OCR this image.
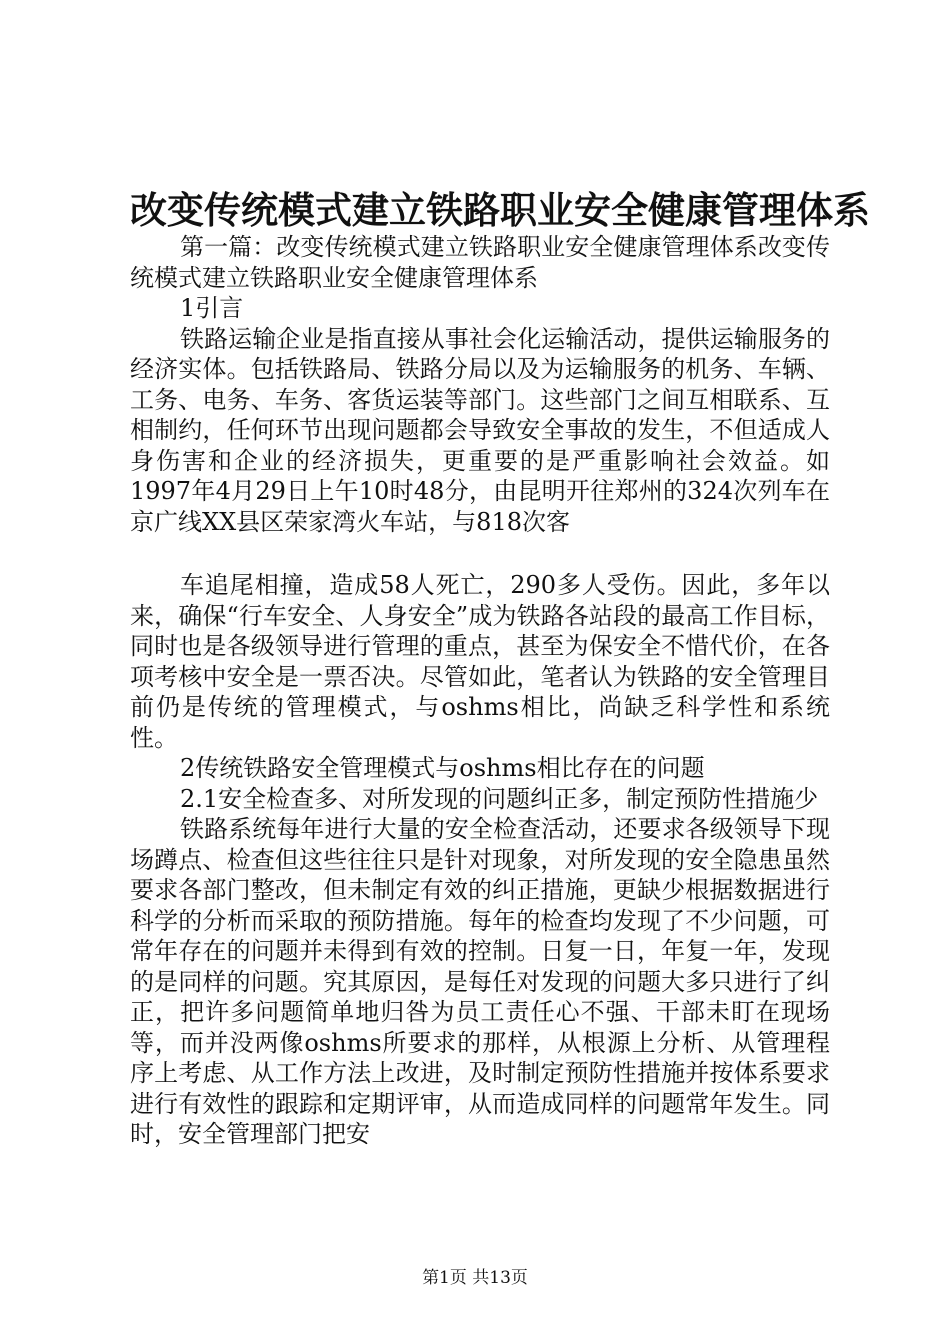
改变传统模式建立铁路职业安全健康管理体系

第一篇：改变传统模式建立铁路职业安全健康管理体系改变传统模式建立铁路职业安全健康管理体系

1引言

铁路运输企业是指直接从事社会化运输活动，提供运输服务的经济实体。包括铁路局、铁路分局以及为运输服务的机务、车辆、工务、电务、车务、客货运装等部门。这些部门之间互相联系、互相制约，任何环节出现问题都会导致安全事故的发生，不但适成人身伤害和企业的经济损失，更重要的是严重影响社会效益。如1997年4月29日上午10时48分，由昆明开往郑州的324次列车在京广线XX县区荣家湾火车站，与818次客

车追尾相撞，造成58人死亡，290多人受伤。因此，多年以来，确保“行车安全、人身安全”成为铁路各站段的最高工作目标，同时也是各级领导进行管理的重点，甚至为保安全不惜代价，在各项考核中安全是一票否决。尽管如此，笔者认为铁路的安全管理目前仍是传统的管理模式，与oshms相比，尚缺乏科学性和系统性。

2传统铁路安全管理模式与oshms相比存在的问题

2.1安全检查多、对所发现的问题纠正多，制定预防性措施少

铁路系统每年进行大量的安全检查活动，还要求各级领导下现场蹲点、检查但这些往往只是针对现象，对所发现的安全隐患虽然要求各部门整改，但未制定有效的纠正措施，更缺少根据数据进行科学的分析而采取的预防措施。每年的检查均发现了不少问题，可常年存在的问题并未得到有效的控制。日复一日，年复一年，发现的是同样的问题。究其原因，是每任对发现的问题大多只进行了纠正，把许多问题简单地归咎为员工责任心不强、干部未盯在现场等，而并没两像oshms所要求的那样，从根源上分析、从管理程序上考虑、从工作方法上改进，及时制定预防性措施并按体系要求进行有效性的跟踪和定期评审，从而造成同样的问题常年发生。同时，安全管理部门把安

第1页 共13页
